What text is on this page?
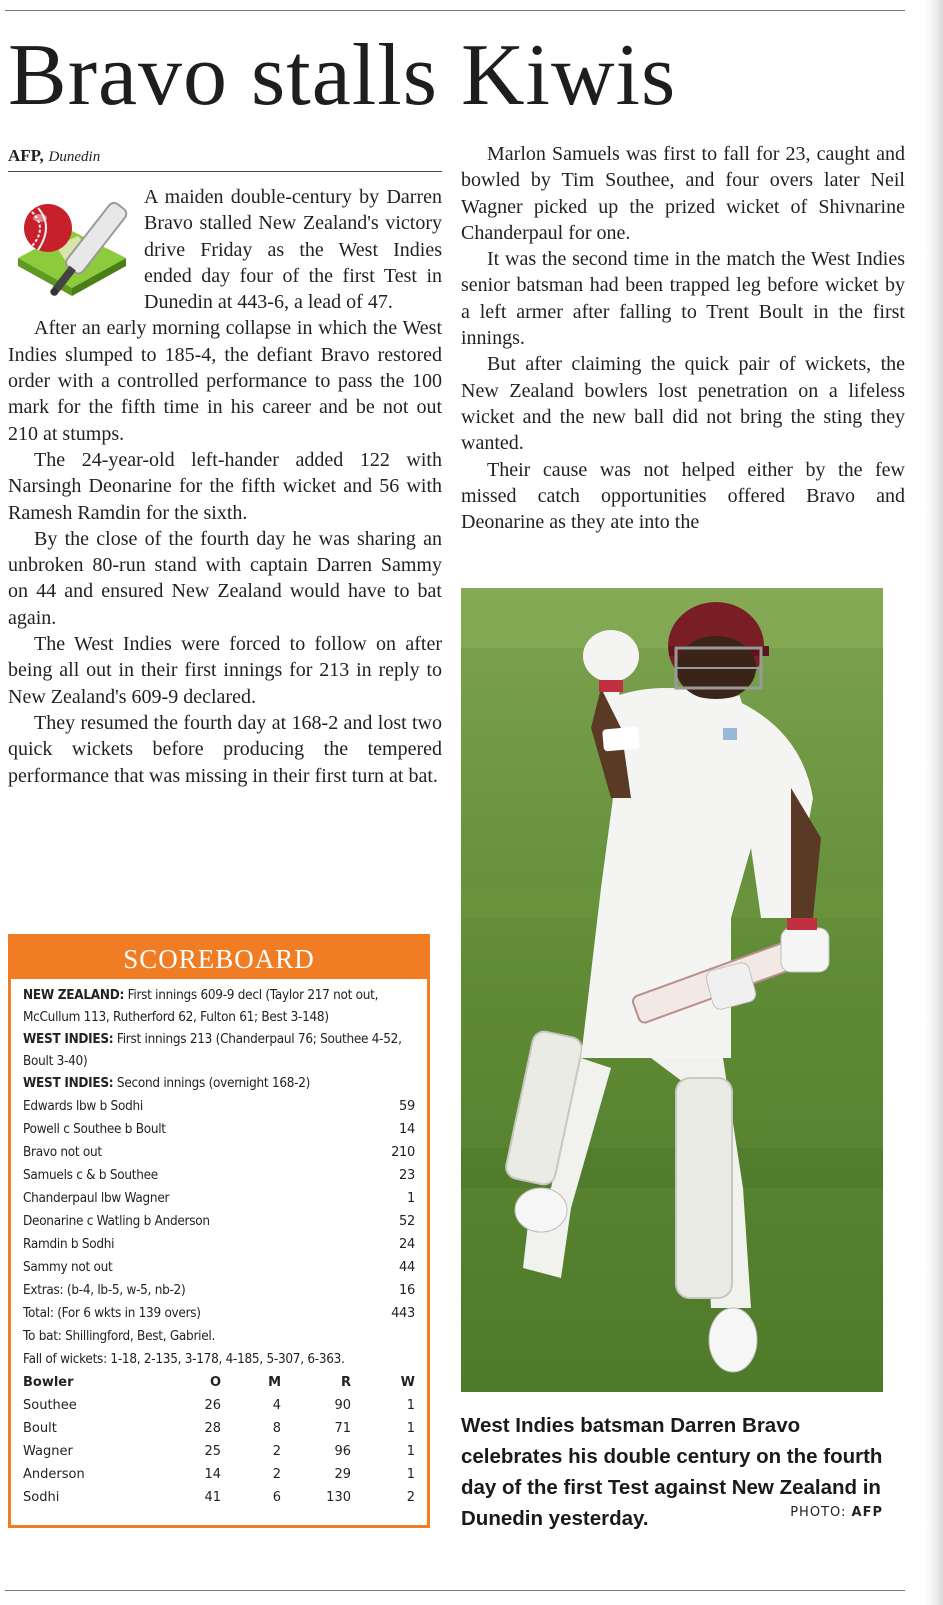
Bravo stalls Kiwis
AFP, Dunedin

A maiden double-century by Darren Bravo stalled New Zealand's victory drive Friday as the West Indies ended day four of the first Test in Dunedin at 443-6, a lead of 47.

After an early morning collapse in which the West Indies slumped to 185-4, the defiant Bravo restored order with a controlled performance to pass the 100 mark for the fifth time in his career and be not out 210 at stumps.

The 24-year-old left-hander added 122 with Narsingh Deonarine for the fifth wicket and 56 with Ramesh Ramdin for the sixth.

By the close of the fourth day he was sharing an unbroken 80-run stand with captain Darren Sammy on 44 and ensured New Zealand would have to bat again.

The West Indies were forced to follow on after being all out in their first innings for 213 in reply to New Zealand's 609-9 declared.

They resumed the fourth day at 168-2 and lost two quick wickets before producing the tempered performance that was missing in their first turn at bat.

Marlon Samuels was first to fall for 23, caught and bowled by Tim Southee, and four overs later Neil Wagner picked up the prized wicket of Shivnarine Chanderpaul for one.

It was the second time in the match the West Indies senior batsman had been trapped leg before wicket by a left armer after falling to Trent Boult in the first innings.

But after claiming the quick pair of wickets, the New Zealand bowlers lost penetration on a lifeless wicket and the new ball did not bring the sting they wanted.

Their cause was not helped either by the few missed catch opportunities offered Bravo and Deonarine as they ate into the

SCOREBOARD
NEW ZEALAND: First innings 609-9 decl (Taylor 217 not out, McCullum 113, Rutherford 62, Fulton 61; Best 3-148)
WEST INDIES: First innings 213 (Chanderpaul 76; Southee 4-52, Boult 3-40)
WEST INDIES: Second innings (overnight 168-2)
Edwards lbw b Sodhi	59
Powell c Southee b Boult	14
Bravo not out	210
Samuels c & b Southee	23
Chanderpaul lbw Wagner	1
Deonarine c Watling b Anderson	52
Ramdin b Sodhi	24
Sammy not out	44
Extras: (b-4, lb-5, w-5, nb-2)	16
Total: (For 6 wkts in 139 overs)	443
To bat: Shillingford, Best, Gabriel.
Fall of wickets: 1-18, 2-135, 3-178, 4-185, 5-307, 6-363.
Bowler	O	M	R	W
Southee	26	4	90	1
Boult	28	8	71	1
Wagner	25	2	96	1
Anderson	14	2	29	1
Sodhi	41	6	130	2
West Indies batsman Darren Bravo celebrates his double century on the fourth day of the first Test against New Zealand in Dunedin yesterday.	PHOTO: AFP
